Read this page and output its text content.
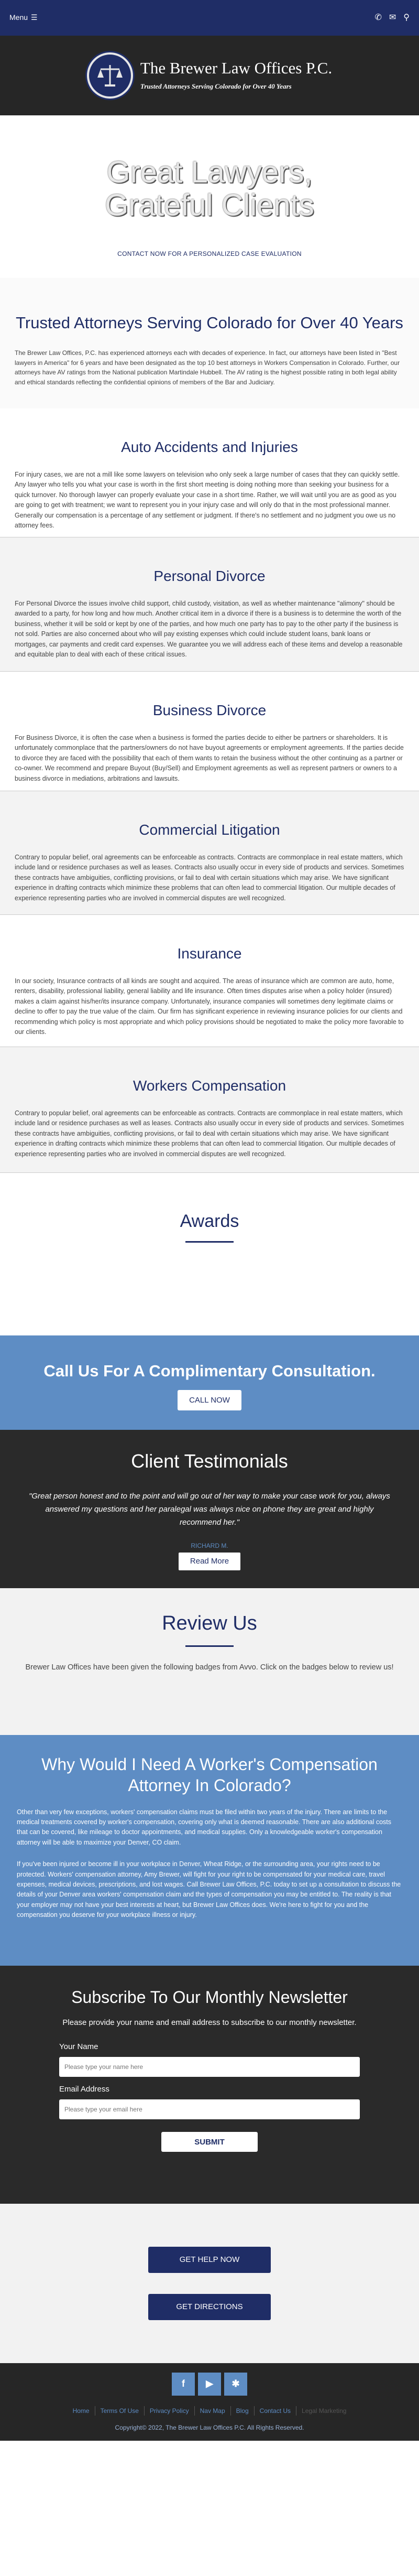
Menu ☰	✆ ✉ ⚲
The Brewer Law Offices P.C.
Trusted Attorneys Serving Colorado for Over 40 Years
Great Lawyers,
Grateful Clients
CONTACT NOW FOR A PERSONALIZED CASE EVALUATION
Trusted Attorneys Serving Colorado for Over 40 Years

The Brewer Law Offices, P.C. has experienced attorneys each with decades of experience. In fact, our attorneys have been listed in "Best lawyers in America" for 6 years and have been designated as the top 10 best attorneys in Workers Compensation in Colorado. Further, our attorneys have AV ratings from the National publication Martindale Hubbell. The AV rating is the highest possible rating in both legal ability and ethical standards reflecting the confidential opinions of members of the Bar and Judiciary.

Auto Accidents and Injuries

For injury cases, we are not a mill like some lawyers on television who only seek a large number of cases that they can quickly settle. Any lawyer who tells you what your case is worth in the first short meeting is doing nothing more than seeking your business for a quick turnover. No thorough lawyer can properly evaluate your case in a short time. Rather, we will wait until you are as good as you are going to get with treatment; we want to represent you in your injury case and will only do that in the most professional manner. Generally our compensation is a percentage of any settlement or judgment. If there's no settlement and no judgment you owe us no attorney fees.

Personal Divorce

For Personal Divorce the issues involve child support, child custody, visitation, as well as whether maintenance "alimony" should be awarded to a party, for how long and how much. Another critical item in a divorce if there is a business is to determine the worth of the business, whether it will be sold or kept by one of the parties, and how much one party has to pay to the other party if the business is not sold. Parties are also concerned about who will pay existing expenses which could include student loans, bank loans or mortgages, car payments and credit card expenses. We guarantee you we will address each of these items and develop a reasonable and equitable plan to deal with each of these critical issues.

Business Divorce

For Business Divorce, it is often the case when a business is formed the parties decide to either be partners or shareholders. It is unfortunately commonplace that the partners/owners do not have buyout agreements or employment agreements. If the parties decide to divorce they are faced with the possibility that each of them wants to retain the business without the other continuing as a partner or co-owner. We recommend and prepare Buyout (Buy/Sell) and Employment agreements as well as represent partners or owners to a business divorce in mediations, arbitrations and lawsuits.

Commercial Litigation

Contrary to popular belief, oral agreements can be enforceable as contracts. Contracts are commonplace in real estate matters, which include land or residence purchases as well as leases. Contracts also usually occur in every side of products and services. Sometimes these contracts have ambiguities, conflicting provisions, or fail to deal with certain situations which may arise. We have significant experience in drafting contracts which minimize these problems that can often lead to commercial litigation. Our multiple decades of experience representing parties who are involved in commercial disputes are well recognized.

Insurance

In our society, Insurance contracts of all kinds are sought and acquired. The areas of insurance which are common are auto, home, renters, disability, professional liability, general liability and life insurance. Often times disputes arise when a policy holder (insured) makes a claim against his/her/its insurance company. Unfortunately, insurance companies will sometimes deny legitimate claims or decline to offer to pay the true value of the claim. Our firm has significant experience in reviewing insurance policies for our clients and recommending which policy is most appropriate and which policy provisions should be negotiated to make the policy more favorable to our clients.

Workers Compensation

Contrary to popular belief, oral agreements can be enforceable as contracts. Contracts are commonplace in real estate matters, which include land or residence purchases as well as leases. Contracts also usually occur in every side of products and services. Sometimes these contracts have ambiguities, conflicting provisions, or fail to deal with certain situations which may arise. We have significant experience in drafting contracts which minimize these problems that can often lead to commercial litigation. Our multiple decades of experience representing parties who are involved in commercial disputes are well recognized.

Awards
Call Us For A Complimentary Consultation.
CALL NOW
Client Testimonials
"Great person honest and to the point and will go out of her way to make your case work for you, always answered my questions and her paralegal was always nice on phone they are great and highly recommend her."
RICHARD M.
Read More
Review Us

Brewer Law Offices have been given the following badges from Avvo. Click on the badges below to review us!

Why Would I Need A Worker's Compensation Attorney In Colorado?

Other than very few exceptions, workers' compensation claims must be filed within two years of the injury. There are limits to the medical treatments covered by worker's compensation, covering only what is deemed reasonable. There are also additional costs that can be covered, like mileage to doctor appointments, and medical supplies. Only a knowledgeable worker's compensation attorney will be able to maximize your Denver, CO claim.

If you've been injured or become ill in your workplace in Denver, Wheat Ridge, or the surrounding area, your rights need to be protected. Workers' compensation attorney, Amy Brewer, will fight for your right to be compensated for your medical care, travel expenses, medical devices, prescriptions, and lost wages. Call Brewer Law Offices, P.C. today to set up a consultation to discuss the details of your Denver area workers' compensation claim and the types of compensation you may be entitled to. The reality is that your employer may not have your best interests at heart, but Brewer Law Offices does. We're here to fight for you and the compensation you deserve for your workplace illness or injury.

Subscribe To Our Monthly Newsletter
Please provide your name and email address to subscribe to our monthly newsletter.
Your Name
Please type your name here
Email Address
Please type your email here
SUBMIT
GET HELP NOW
GET DIRECTIONS
f	▶	✱
Home	Terms Of Use	Privacy Policy	Nav Map	Blog	Contact Us	Legal Marketing
Copyright© 2022, The Brewer Law Offices P.C. All Rights Reserved.
